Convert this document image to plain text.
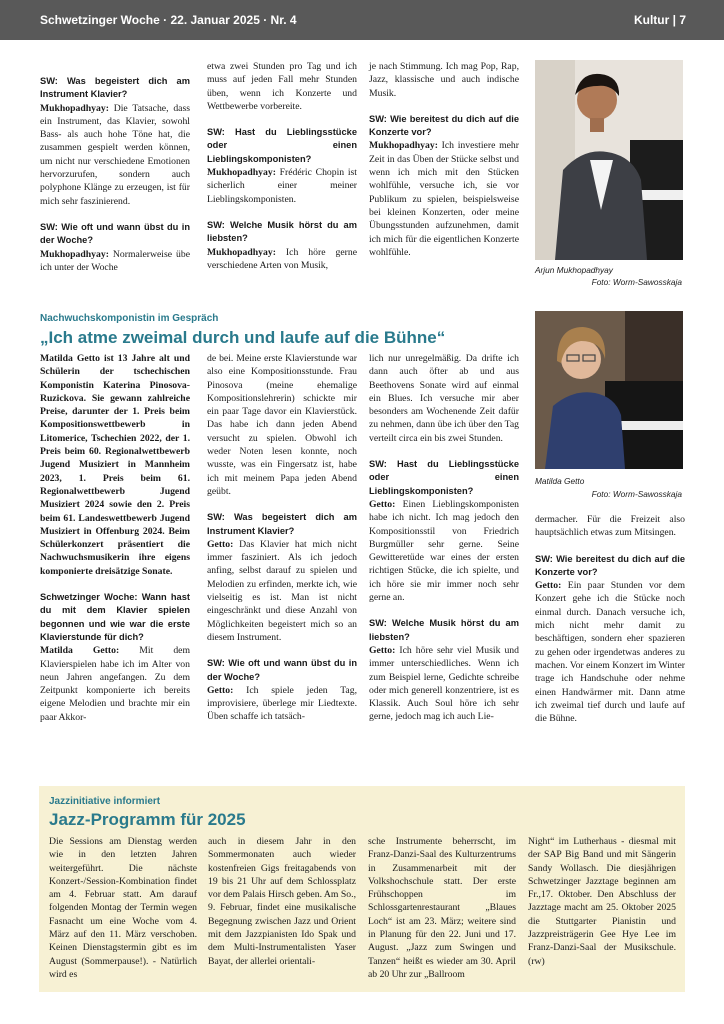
Schwetzinger Woche · 22. Januar 2025 · Nr. 4	Kultur | 7

SW: Was begeistert dich am Instrument Klavier?
Mukhopadhyay: Die Tatsache, dass ein Instrument, das Klavier, sowohl Bass- als auch hohe Töne hat, die zusammen gespielt werden können, um nicht nur verschiedene Emotionen hervorzurufen, sondern auch polyphone Klänge zu erzeugen, ist für mich sehr faszinierend.

SW: Wie oft und wann übst du in der Woche?
Mukhopadhyay: Normalerweise übe ich unter der Woche

etwa zwei Stunden pro Tag und ich muss auf jeden Fall mehr Stunden üben, wenn ich Konzerte und Wettbewerbe vorbereite.

SW: Hast du Lieblingsstücke oder einen Lieblingskomponisten?
Mukhopadhyay: Frédéric Chopin ist sicherlich einer meiner Lieblingskomponisten.

SW: Welche Musik hörst du am liebsten?
Mukhopadhyay: Ich höre gerne verschiedene Arten von Musik,

je nach Stimmung. Ich mag Pop, Rap, Jazz, klassische und auch indische Musik.

SW: Wie bereitest du dich auf die Konzerte vor?
Mukhopadhyay: Ich investiere mehr Zeit in das Üben der Stücke selbst und wenn ich mich mit den Stücken wohlfühle, versuche ich, sie vor Publikum zu spielen, beispielsweise bei kleinen Konzerten, oder meine Übungsstunden aufzunehmen, damit ich mich für die eigentlichen Konzerte wohlfühle.

Arjun Mukhopadhyay
Foto: Worm-Sawosskaja
Nachwuchskomponistin im Gespräch
„Ich atme zweimal durch und laufe auf die Bühne“

Matilda Getto ist 13 Jahre alt und Schülerin der tschechischen Komponistin Katerina Pinosova-Ruzickova. Sie gewann zahlreiche Preise, darunter der 1. Preis beim Kompositionswettbewerb in Litomerice, Tschechien 2022, der 1. Preis beim 60. Regionalwettbewerb Jugend Musiziert in Mannheim 2023, 1. Preis beim 61. Regionalwettbewerb Jugend Musiziert 2024 sowie den 2. Preis beim 61. Landeswettbewerb Jugend Musiziert in Offenburg 2024. Beim Schülerkonzert präsentiert die Nachwuchsmusikerin ihre eigens komponierte dreisätzige Sonate.

Schwetzinger Woche: Wann hast du mit dem Klavier spielen begonnen und wie war die erste Klavierstunde für dich?
Matilda Getto: Mit dem Klavierspielen habe ich im Alter von neun Jahren angefangen. Zu dem Zeitpunkt komponierte ich bereits eigene Melodien und brachte mir ein paar Akkor-

de bei. Meine erste Klavierstunde war also eine Kompositionsstunde. Frau Pinosova (meine ehemalige Kompositionslehrerin) schickte mir ein paar Tage davor ein Klavierstück. Das habe ich dann jeden Abend versucht zu spielen. Obwohl ich weder Noten lesen konnte, noch wusste, was ein Fingersatz ist, habe ich mit meinem Papa jeden Abend geübt.

SW: Was begeistert dich am Instrument Klavier?
Getto: Das Klavier hat mich nicht immer fasziniert. Als ich jedoch anfing, selbst darauf zu spielen und Melodien zu erfinden, merkte ich, wie vielseitig es ist. Man ist nicht eingeschränkt und diese Anzahl von Möglichkeiten begeistert mich so an diesem Instrument.

SW: Wie oft und wann übst du in der Woche?
Getto: Ich spiele jeden Tag, improvisiere, überlege mir Liedtexte. Üben schaffe ich tatsäch-

lich nur unregelmäßig. Da drifte ich dann auch öfter ab und aus Beethovens Sonate wird auf einmal ein Blues. Ich versuche mir aber besonders am Wochenende Zeit dafür zu nehmen, dann übe ich über den Tag verteilt circa ein bis zwei Stunden.

SW: Hast du Lieblingsstücke oder einen Lieblingskomponisten?
Getto: Einen Lieblingskomponisten habe ich nicht. Ich mag jedoch den Kompositionsstil von Friedrich Burgmüller sehr gerne. Seine Gewitteretüde war eines der ersten richtigen Stücke, die ich spielte, und ich höre sie mir immer noch sehr gerne an.

SW: Welche Musik hörst du am liebsten?
Getto: Ich höre sehr viel Musik und immer unterschiedliches. Wenn ich zum Beispiel lerne, Gedichte schreibe oder mich generell konzentriere, ist es Klassik. Auch Soul höre ich sehr gerne, jedoch mag ich auch Lie-

dermacher. Für die Freizeit also hauptsächlich etwas zum Mitsingen.

SW: Wie bereitest du dich auf die Konzerte vor?
Getto: Ein paar Stunden vor dem Konzert gehe ich die Stücke noch einmal durch. Danach versuche ich, mich nicht mehr damit zu beschäftigen, sondern eher spazieren zu gehen oder irgendetwas anderes zu machen. Vor einem Konzert im Winter trage ich Handschuhe oder nehme einen Handwärmer mit. Dann atme ich zweimal tief durch und laufe auf die Bühne.

Matilda Getto
Foto: Worm-Sawosskaja
Jazzinitiative informiert
Jazz-Programm für 2025
Die Sessions am Dienstag werden wie in den letzten Jahren weitergeführt. Die nächste Konzert-/Session-Kombination findet am 4. Februar statt. Am darauf folgenden Montag der Termin wegen Fasnacht um eine Woche vom 4. März auf den 11. März verschoben. Keinen Dienstagstermin gibt es im August (Sommerpause!). - Natürlich wird es
auch in diesem Jahr in den Sommermonaten auch wieder kostenfreien Gigs freitagabends von 19 bis 21 Uhr auf dem Schlossplatz vor dem Palais Hirsch geben. Am So., 9. Februar, findet eine musikalische Begegnung zwischen Jazz und Orient mit dem Jazzpianisten Ido Spak und dem Multi-Instrumentalisten Yaser Bayat, der allerlei orientali-
sche Instrumente beherrscht, im Franz-Danzi-Saal des Kulturzentrums in Zusammenarbeit mit der Volkshochschule statt. Der erste Frühschoppen im Schlossgartenrestaurant „Blaues Loch“ ist am 23. März; weitere sind in Planung für den 22. Juni und 17. August. „Jazz zum Swingen und Tanzen“ heißt es wieder am 30. April ab 20 Uhr zur „Ballroom
Night“ im Lutherhaus - diesmal mit der SAP Big Band und mit Sängerin Sandy Wollasch. Die diesjährigen Schwetzinger Jazztage beginnen am Fr.,17. Oktober. Den Abschluss der Jazztage macht am 25. Oktober 2025 die Stuttgarter Pianistin und Jazzpreisträgerin Gee Hye Lee im Franz-Danzi-Saal der Musikschule. (rw)
